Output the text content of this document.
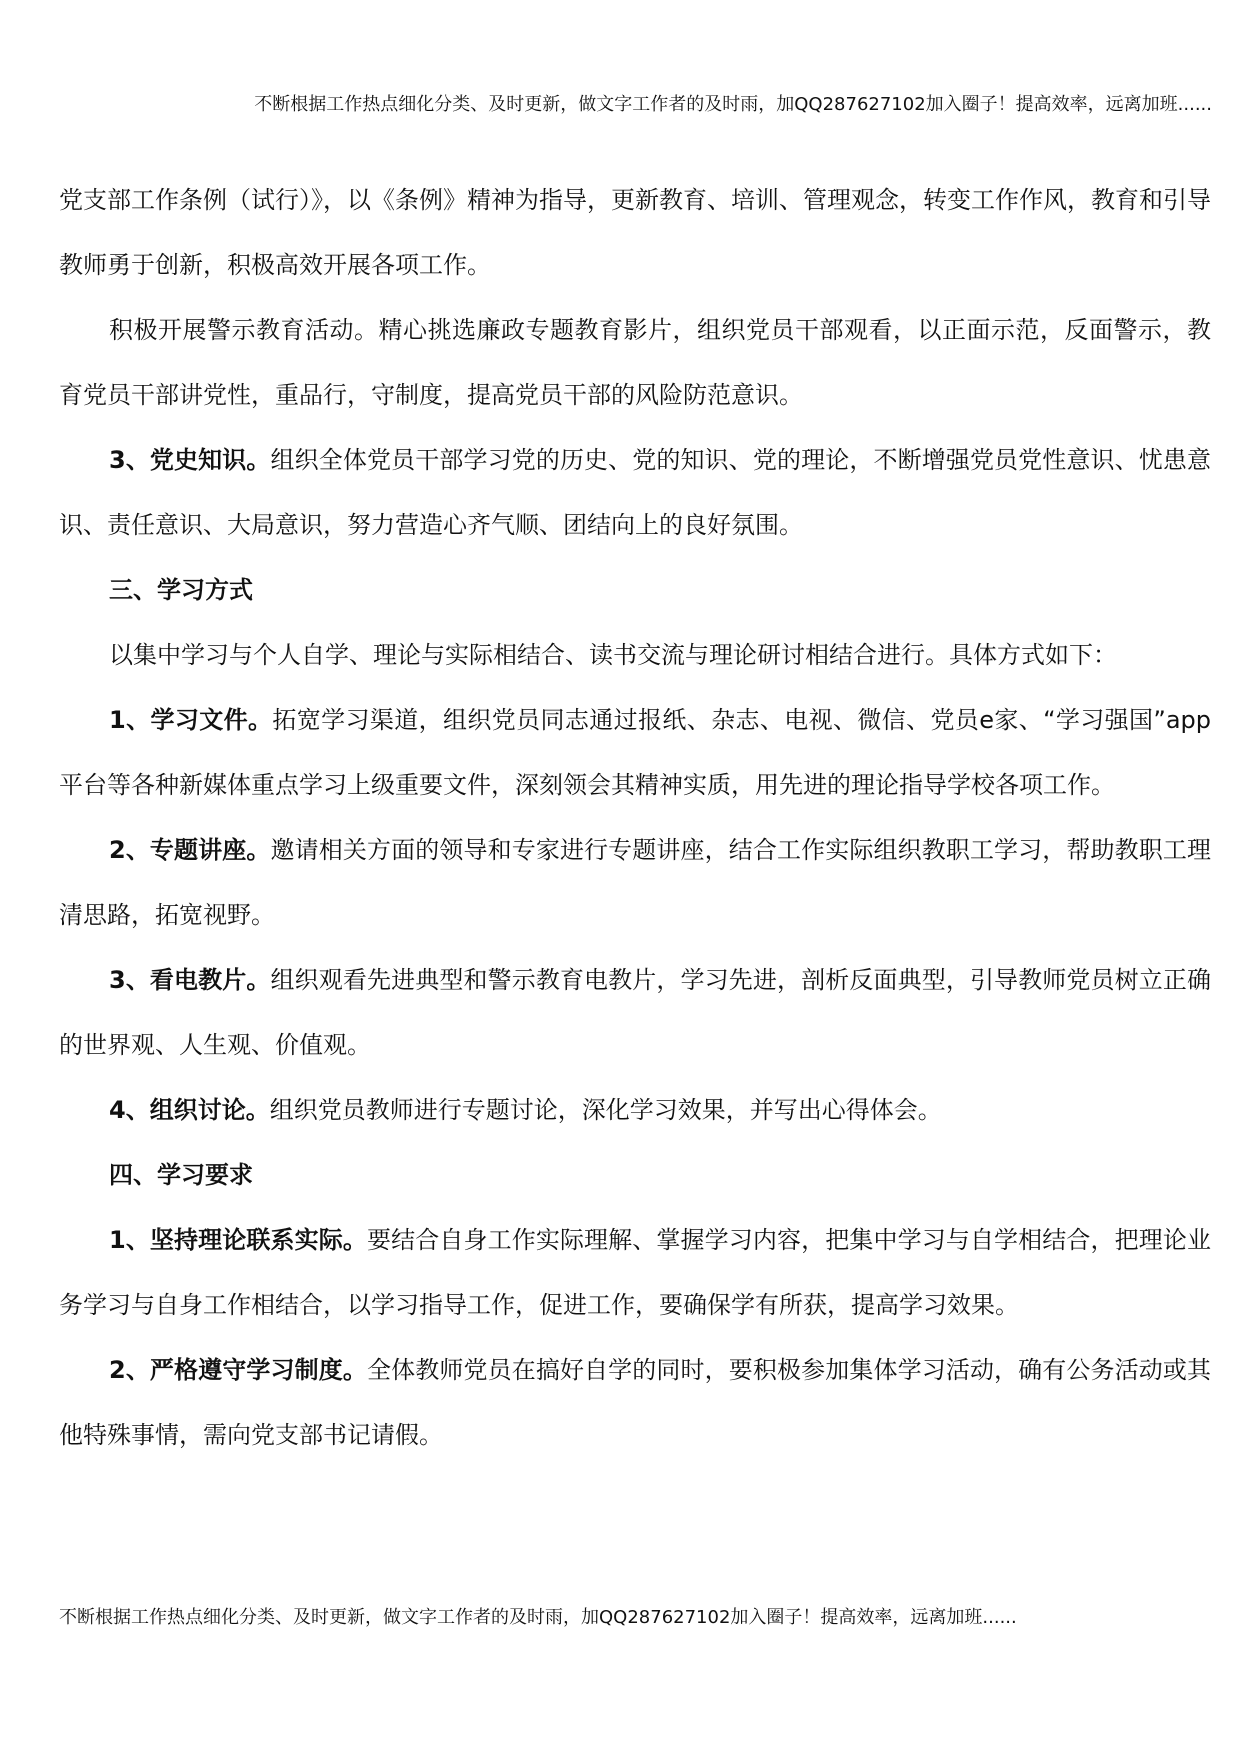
不断根据工作热点细化分类、及时更新，做文字工作者的及时雨，加QQ287627102加入圈子！提高效率，远离加班......

党支部工作条例（试行）》，以《条例》精神为指导，更新教育、培训、管理观念，转变工作作风，教育和引导教师勇于创新，积极高效开展各项工作。

积极开展警示教育活动。精心挑选廉政专题教育影片，组织党员干部观看，以正面示范，反面警示，教育党员干部讲党性，重品行，守制度，提高党员干部的风险防范意识。

3、党史知识。组织全体党员干部学习党的历史、党的知识、党的理论，不断增强党员党性意识、忧患意识、责任意识、大局意识，努力营造心齐气顺、团结向上的良好氛围。

三、学习方式

以集中学习与个人自学、理论与实际相结合、读书交流与理论研讨相结合进行。具体方式如下：

1、学习文件。拓宽学习渠道，组织党员同志通过报纸、杂志、电视、微信、党员e家、“学习强国”app平台等各种新媒体重点学习上级重要文件，深刻领会其精神实质，用先进的理论指导学校各项工作。

2、专题讲座。邀请相关方面的领导和专家进行专题讲座，结合工作实际组织教职工学习，帮助教职工理清思路，拓宽视野。

3、看电教片。组织观看先进典型和警示教育电教片，学习先进，剖析反面典型，引导教师党员树立正确的世界观、人生观、价值观。

4、组织讨论。组织党员教师进行专题讨论，深化学习效果，并写出心得体会。

四、学习要求

1、坚持理论联系实际。要结合自身工作实际理解、掌握学习内容，把集中学习与自学相结合，把理论业务学习与自身工作相结合，以学习指导工作，促进工作，要确保学有所获，提高学习效果。

2、严格遵守学习制度。全体教师党员在搞好自学的同时，要积极参加集体学习活动，确有公务活动或其他特殊事情，需向党支部书记请假。

不断根据工作热点细化分类、及时更新，做文字工作者的及时雨，加QQ287627102加入圈子！提高效率，远离加班......
